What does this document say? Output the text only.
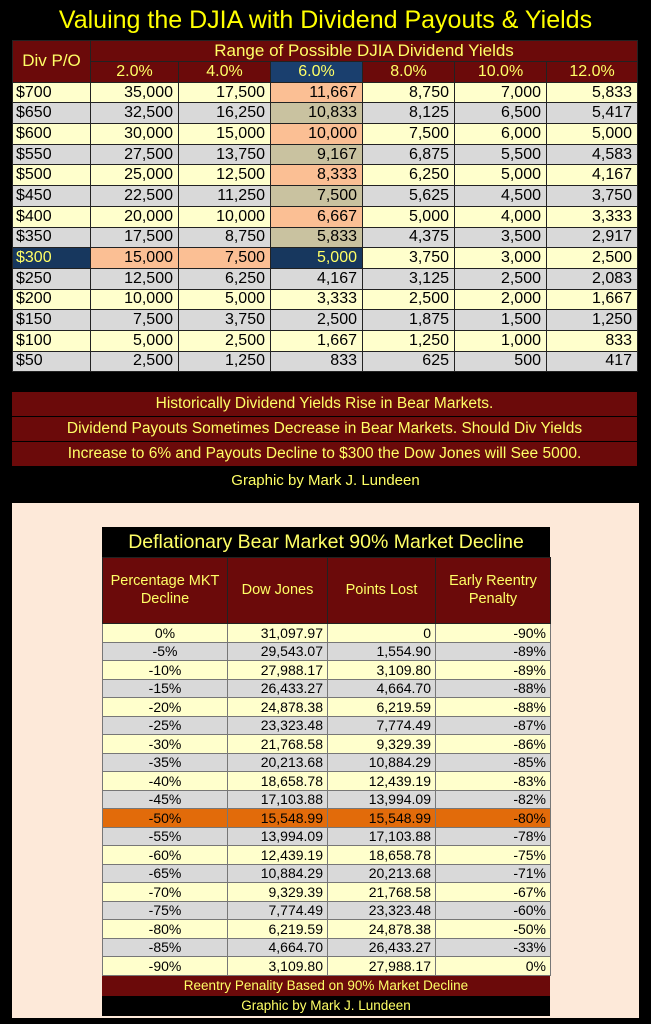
Valuing the DJIA with Dividend Payouts & Yields
Div P/O	Range of Possible DJIA Dividend Yields					
	2.0%	4.0%	6.0%	8.0%	10.0%	12.0%
$700	35,000	17,500	11,667	8,750	7,000	5,833
$650	32,500	16,250	10,833	8,125	6,500	5,417
$600	30,000	15,000	10,000	7,500	6,000	5,000
$550	27,500	13,750	9,167	6,875	5,500	4,583
$500	25,000	12,500	8,333	6,250	5,000	4,167
$450	22,500	11,250	7,500	5,625	4,500	3,750
$400	20,000	10,000	6,667	5,000	4,000	3,333
$350	17,500	8,750	5,833	4,375	3,500	2,917
$300	15,000	7,500	5,000	3,750	3,000	2,500
$250	12,500	6,250	4,167	3,125	2,500	2,083
$200	10,000	5,000	3,333	2,500	2,000	1,667
$150	7,500	3,750	2,500	1,875	1,500	1,250
$100	5,000	2,500	1,667	1,250	1,000	833
$50	2,500	1,250	833	625	500	417
Historically Dividend Yields Rise in Bear Markets.
Dividend Payouts Sometimes Decrease in Bear Markets. Should Div Yields
Increase to 6% and Payouts Decline to $300 the Dow Jones will See 5000.
Graphic by Mark J. Lundeen
Deflationary Bear Market 90% Market Decline
Percentage MKT Decline	Dow Jones	Points Lost	Early Reentry Penalty
0%	31,097.97	0	-90%
-5%	29,543.07	1,554.90	-89%
-10%	27,988.17	3,109.80	-89%
-15%	26,433.27	4,664.70	-88%
-20%	24,878.38	6,219.59	-88%
-25%	23,323.48	7,774.49	-87%
-30%	21,768.58	9,329.39	-86%
-35%	20,213.68	10,884.29	-85%
-40%	18,658.78	12,439.19	-83%
-45%	17,103.88	13,994.09	-82%
-50%	15,548.99	15,548.99	-80%
-55%	13,994.09	17,103.88	-78%
-60%	12,439.19	18,658.78	-75%
-65%	10,884.29	20,213.68	-71%
-70%	9,329.39	21,768.58	-67%
-75%	7,774.49	23,323.48	-60%
-80%	6,219.59	24,878.38	-50%
-85%	4,664.70	26,433.27	-33%
-90%	3,109.80	27,988.17	0%
Reentry Penality Based on 90% Market Decline
Graphic by Mark J. Lundeen
